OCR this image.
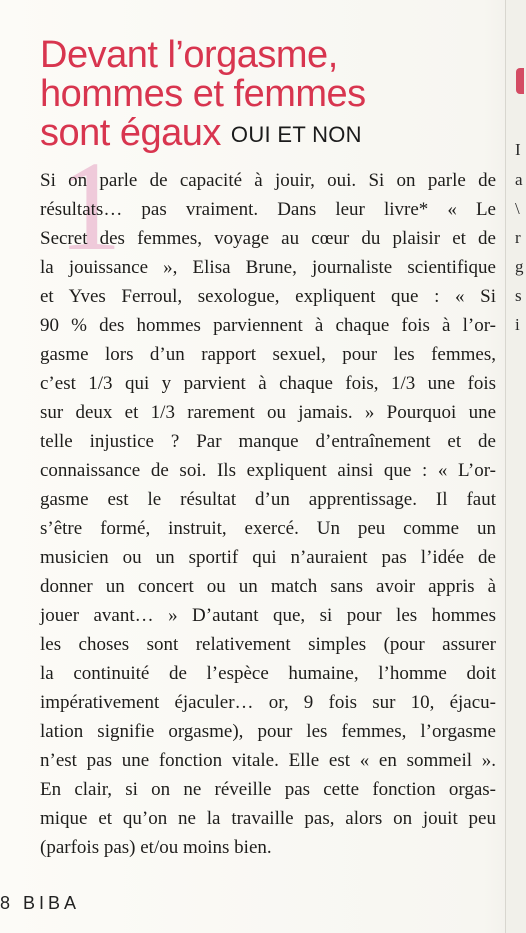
I
a
\
r
g
s
i
1
Devant l’orgasme,
hommes et femmes
sont égaux OUI ET NON
Si on parle de capacité à jouir, oui. Si on parle de
résultats… pas vraiment. Dans leur livre* « Le
Secret des femmes, voyage au cœur du plaisir et de
la jouissance », Elisa Brune, journaliste scientifique
et Yves Ferroul, sexologue, expliquent que : « Si
90 % des hommes parviennent à chaque fois à l’or-
gasme lors d’un rapport sexuel, pour les femmes,
c’est 1/3 qui y parvient à chaque fois, 1/3 une fois
sur deux et 1/3 rarement ou jamais. » Pourquoi une
telle injustice ? Par manque d’entraînement et de
connaissance de soi. Ils expliquent ainsi que : « L’or-
gasme est le résultat d’un apprentissage. Il faut
s’être formé, instruit, exercé. Un peu comme un
musicien ou un sportif qui n’auraient pas l’idée de
donner un concert ou un match sans avoir appris à
jouer avant… » D’autant que, si pour les hommes
les choses sont relativement simples (pour assurer
la continuité de l’espèce humaine, l’homme doit
impérativement éjaculer… or, 9 fois sur 10, éjacu-
lation signifie orgasme), pour les femmes, l’orgasme
n’est pas une fonction vitale. Elle est « en sommeil ».
En clair, si on ne réveille pas cette fonction orgas-
mique et qu’on ne la travaille pas, alors on jouit peu
(parfois pas) et/ou moins bien.
8 BIBA
